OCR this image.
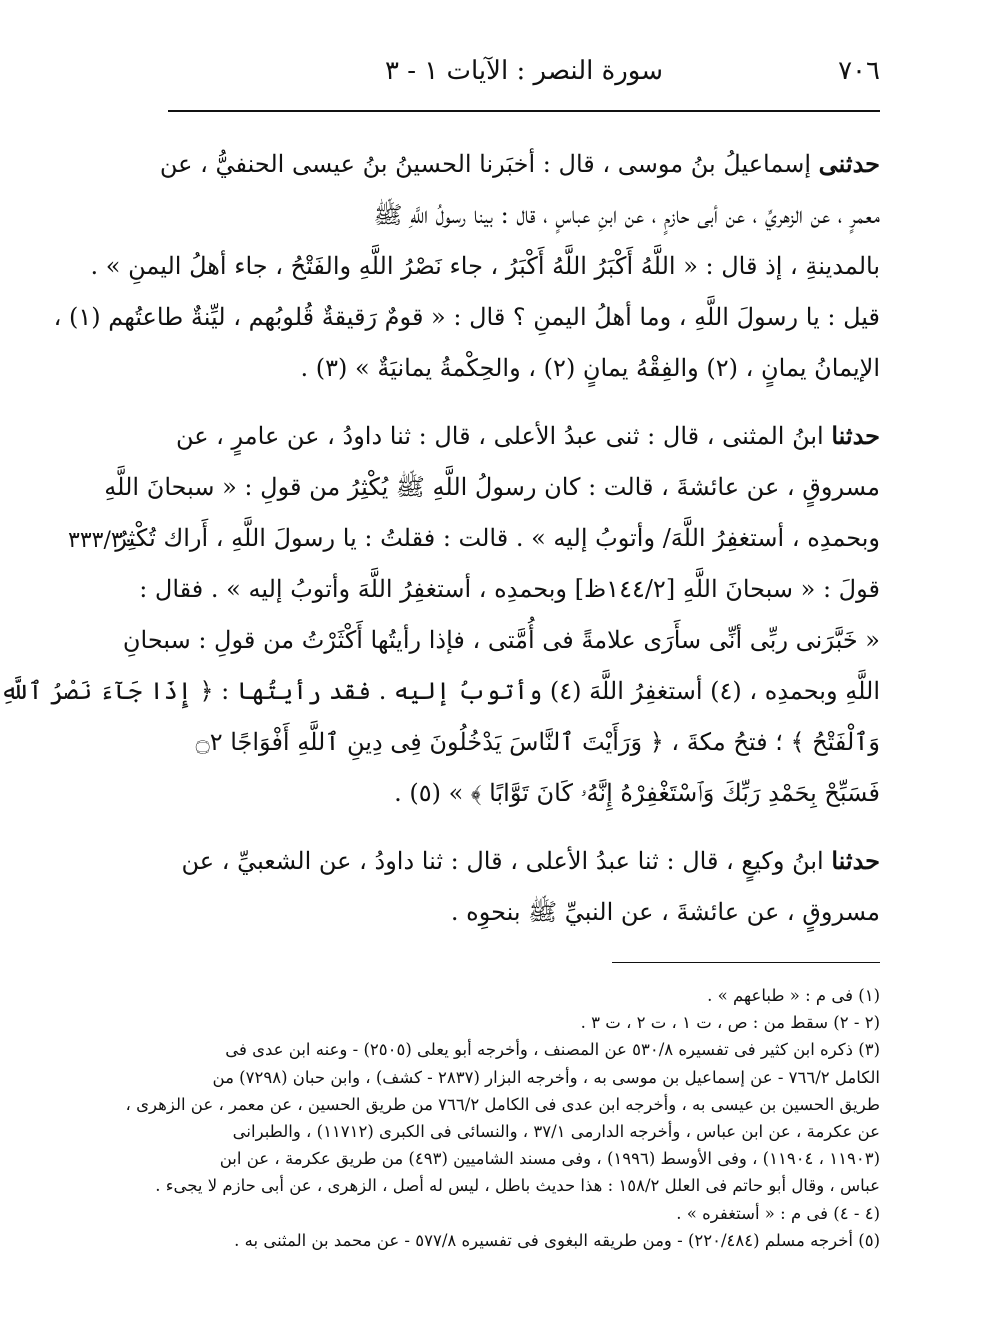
٧٠٦
سورة النصر : الآيات ١ - ٣
٣٣٣/٣٠

حدثنى إسماعيلُ بنُ موسى ، قال : أخبَرنا الحسينُ بنُ عيسى الحنفيُّ ، عن
معمرٍ ، عن الزهريِّ ، عن أبى حازمٍ ، عن ابنِ عباسٍ ، قال : بينا رسولُ اللَّهِ ﷺ
بالمدينةِ ، إذ قال : « اللَّهُ أَكْبَرُ اللَّهُ أَكْبَرُ ، جاء نَصْرُ اللَّهِ والفَتْحُ ، جاء أهلُ اليمنِ » .
قيل : يا رسولَ اللَّهِ ، وما أهلُ اليمنِ ؟ قال : « قومٌ رَقيقةٌ قُلوبُهم ، ليِّنةٌ طاعتُهم (١) ،
الإيمانُ يمانٍ ، (٢) والفِقْهُ يمانٍ (٢) ، والحِكْمةُ يمانيَةٌ » (٣) .

حدثنا ابنُ المثنى ، قال : ثنى عبدُ الأعلى ، قال : ثنا داودُ ، عن عامرٍ ، عن
مسروقٍ ، عن عائشةَ ، قالت : كان رسولُ اللَّهِ ﷺ يُكْثِرُ من قولِ : « سبحانَ اللَّهِ
وبحمدِه ، أستغفِرُ اللَّهَ/ وأتوبُ إليه » . قالت : فقلتُ : يا رسولَ اللَّهِ ، أَراك تُكْثِرُ
قولَ : « سبحانَ اللَّهِ [١٤٤/٢ظ] وبحمدِه ، أستغفِرُ اللَّهَ وأتوبُ إليه » . فقال :
« خَبَّرَنى ربِّى أنِّى سأَرَى علامةً فى أُمَّتى ، فإذا رأيتُها أَكْثَرْتُ من قولِ : سبحانِ
اللَّهِ وبحمدِه ، (٤) أستغفِرُ اللَّهَ (٤) وأتوبُ إليه . فقد رأيتُها : ﴿ إِذَا جَآءَ نَصْرُ ٱللَّهِ
وَٱلْفَتْحُ ﴾ ؛ فتحُ مكةَ ، ﴿ وَرَأَيْتَ ٱلنَّاسَ يَدْخُلُونَ فِى دِينِ ٱللَّهِ أَفْوَاجًا ۝٢
فَسَبِّحْ بِحَمْدِ رَبِّكَ وَٱسْتَغْفِرْهُ إِنَّهُۥ كَانَ تَوَّابًا ﴾ » (٥) .

حدثنا ابنُ وكيعٍ ، قال : ثنا عبدُ الأعلى ، قال : ثنا داودُ ، عن الشعبيِّ ، عن
مسروقٍ ، عن عائشةَ ، عن النبيِّ ﷺ بنحوِه .

(١) فى م : « طباعهم » .
(٢ - ٢) سقط من : ص ، ت ١ ، ت ٢ ، ت ٣ .
(٣) ذكره ابن كثير فى تفسيره ٥٣٠/٨ عن المصنف ، وأخرجه أبو يعلى (٢٥٠٥) - وعنه ابن عدى فى
الكامل ٧٦٦/٢ - عن إسماعيل بن موسى به ، وأخرجه البزار (٢٨٣٧ - كشف) ، وابن حبان (٧٢٩٨) من
طريق الحسين بن عيسى به ، وأخرجه ابن عدى فى الكامل ٧٦٦/٢ من طريق الحسين ، عن معمر ، عن الزهرى ،
عن عكرمة ، عن ابن عباس ، وأخرجه الدارمى ٣٧/١ ، والنسائى فى الكبرى (١١٧١٢) ، والطبرانى
(١١٩٠٣ ، ١١٩٠٤) ، وفى الأوسط (١٩٩٦) ، وفى مسند الشاميين (٤٩٣) من طريق عكرمة ، عن ابن
عباس ، وقال أبو حاتم فى العلل ١٥٨/٢ : هذا حديث باطل ، ليس له أصل ، الزهرى ، عن أبى حازم لا يجىء .
(٤ - ٤) فى م : « أستغفره » .
(٥) أخرجه مسلم (٢٢٠/٤٨٤) - ومن طريقه البغوى فى تفسيره ٥٧٧/٨ - عن محمد بن المثنى به .
